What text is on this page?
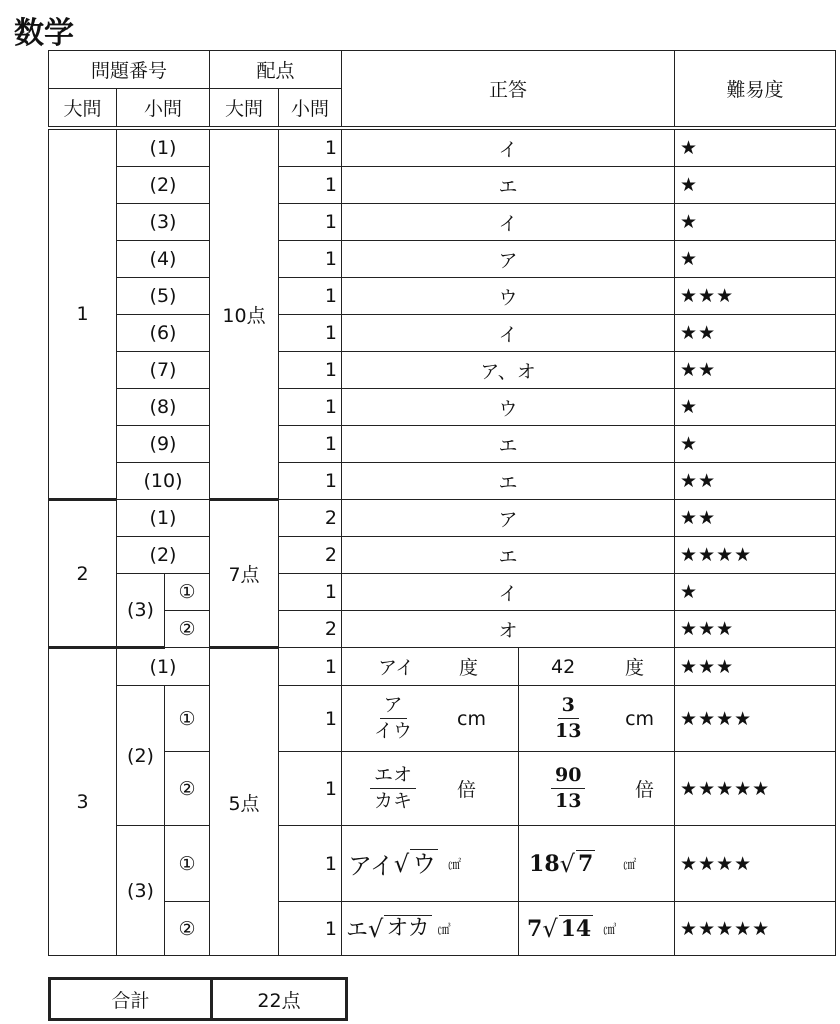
数学
問題番号			配点		正答		難易度
大問	小問		大問	小問			
1	(1)		10点	1	イ		★
	(2)			1	エ		★
	(3)			1	イ		★
	(4)			1	ア		★
	(5)			1	ウ		★★★
	(6)			1	イ		★★
	(7)			1	ア、オ		★★
	(8)			1	ウ		★
	(9)			1	エ		★
	(10)			1	エ		★★
2	(1)		7点	2	ア		★★
	(2)			2	エ		★★★★
	(3)	①		1	イ		★
		②		2	オ		★★★
3	(1)		5点	1	アイ 度	42 度	★★★
	(2)	①		1	$\frac{\text{ア}}{\text{イウ}}$ cm	$\frac{3}{13}$ cm	★★★★
		②		1	$\frac{\text{エオ}}{\text{カキ}}$ 倍	$\frac{90}{13}$ 倍	★★★★★
	(3)	①		1	アイ √ ウ ㎠	18 √ 7 ㎠	★★★★
		②		1	エ √ オカ ㎤	7 √ 14 ㎤	★★★★★
合計	22点
